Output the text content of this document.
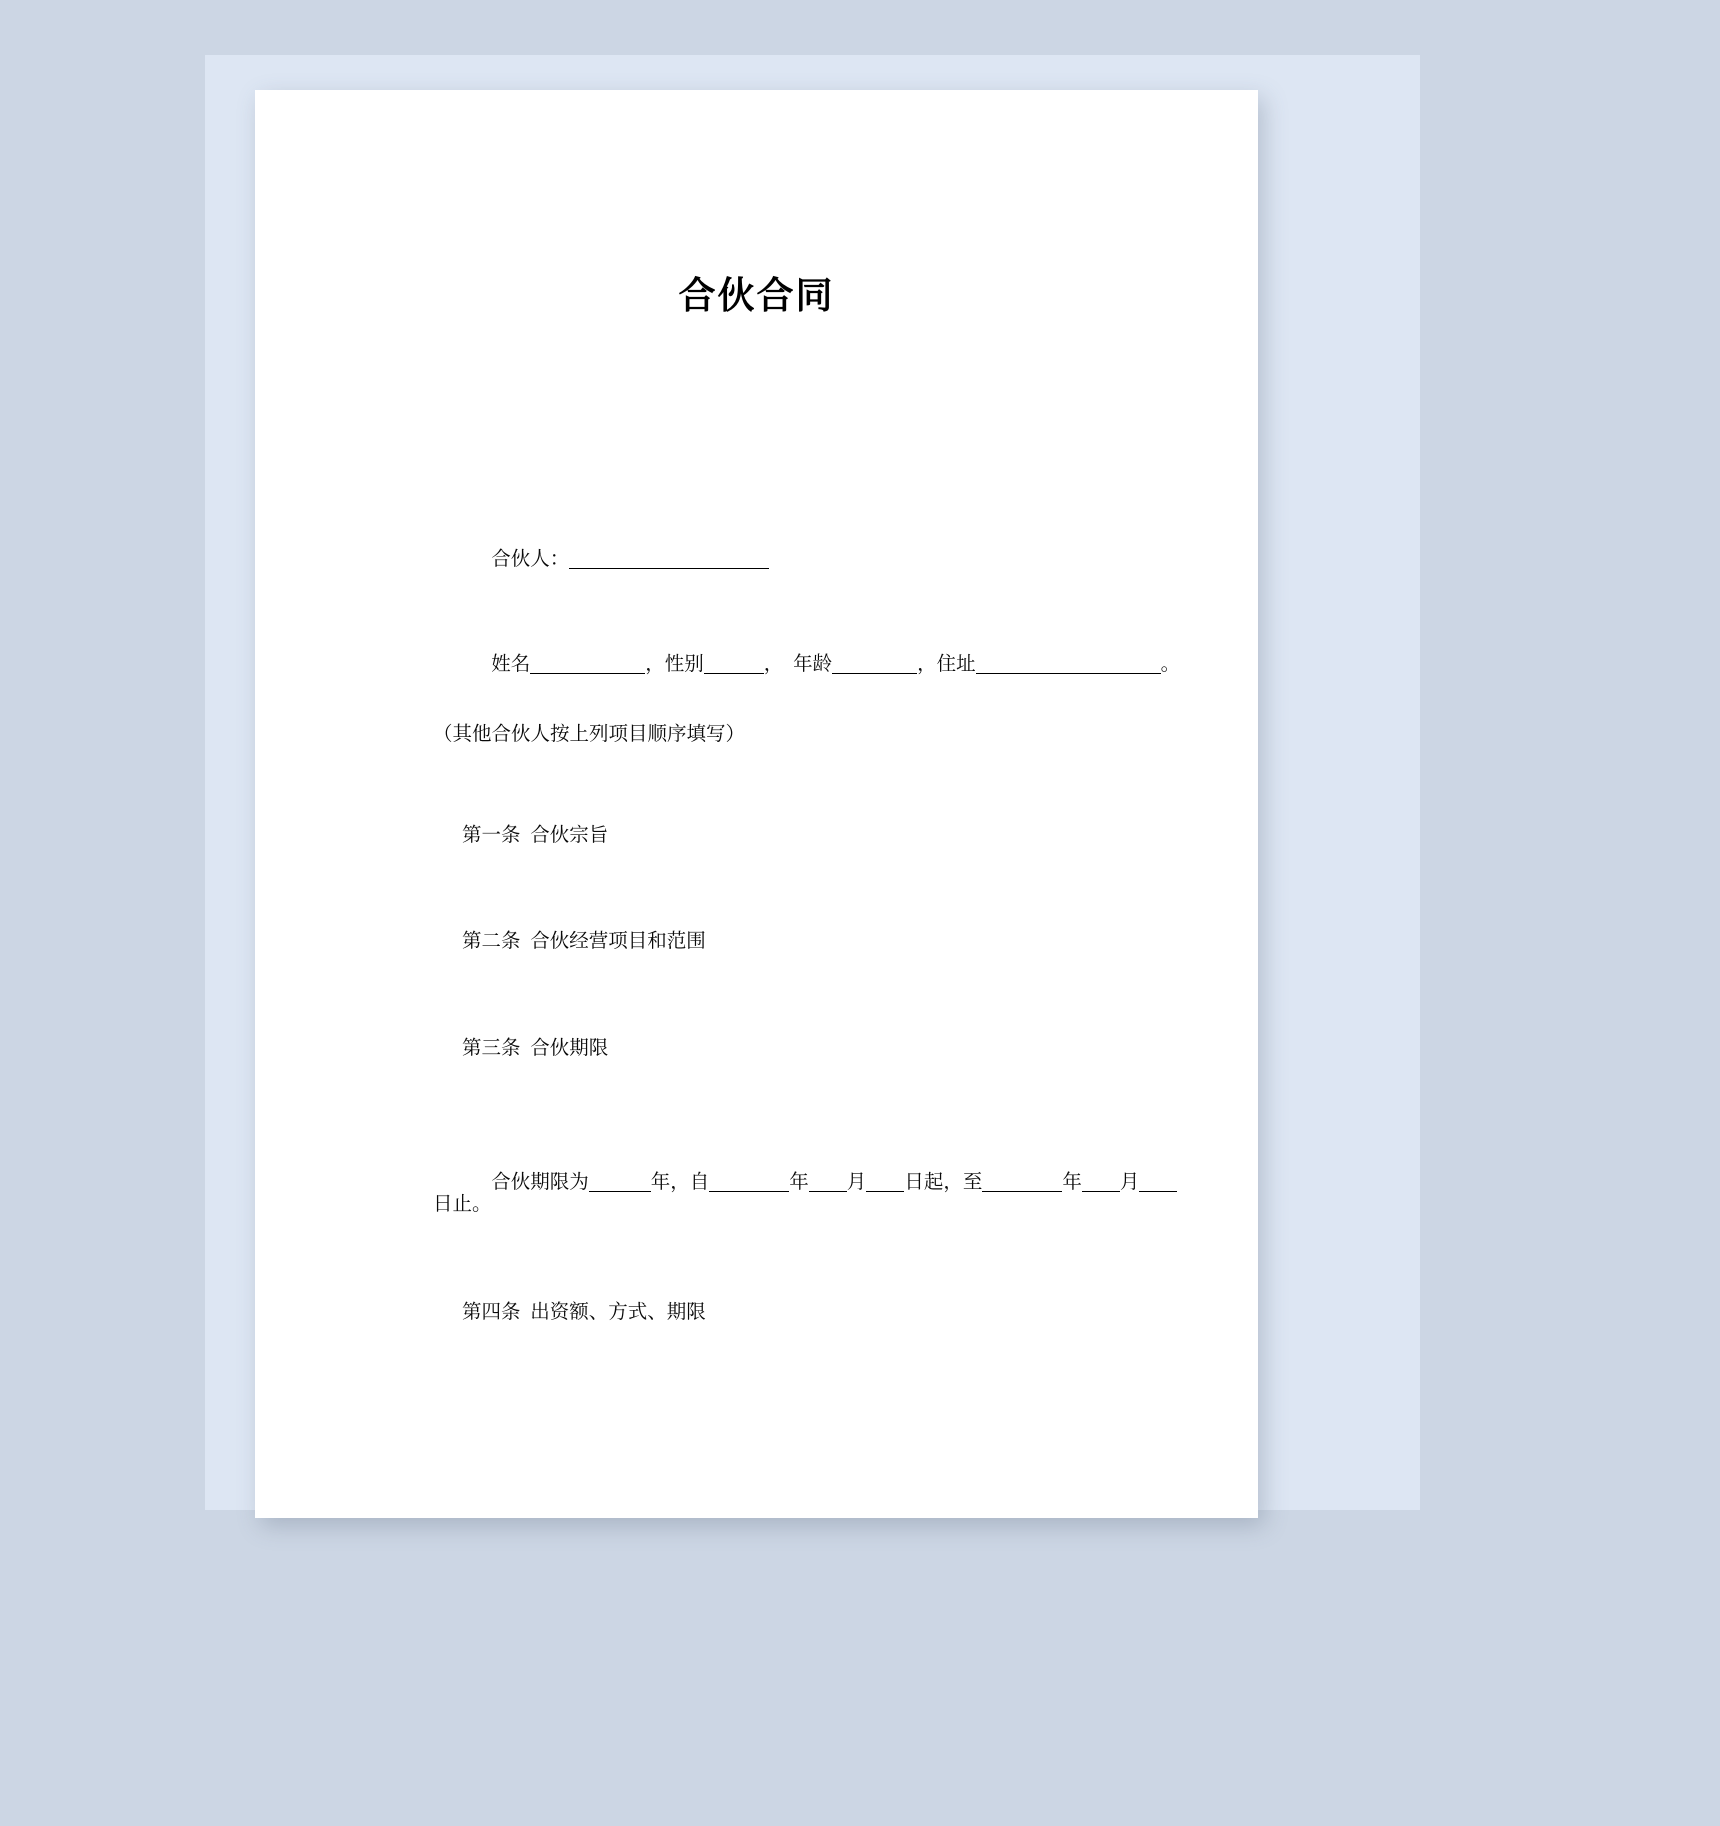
合伙合同

合伙人：

姓名	，性别	，　年龄	，住址	。

（其他合伙人按上列项目顺序填写）
第一条  合伙宗旨
第二条  合伙经营项目和范围
第三条  合伙期限

合伙期限为	年，自	年 月 日起，至	年 月

日止。
第四条  出资额、方式、期限
